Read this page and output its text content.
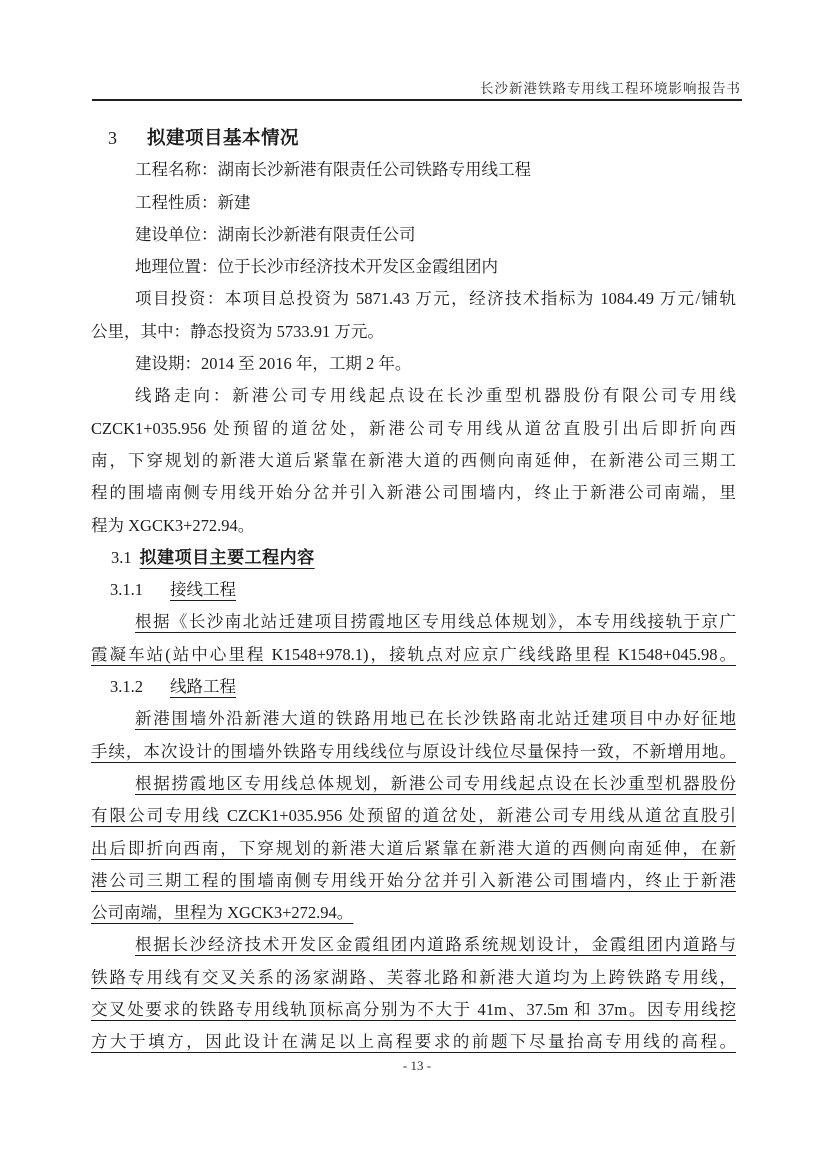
长沙新港铁路专用线工程环境影响报告书
3 拟建项目基本情况
工程名称：湖南长沙新港有限责任公司铁路专用线工程
工程性质：新建
建设单位：湖南长沙新港有限责任公司
地理位置：位于长沙市经济技术开发区金霞组团内
项目投资：本项目总投资为 5871.43 万元，经济技术指标为 1084.49 万元/铺轨
公里，其中：静态投资为 5733.91 万元。
建设期：2014 至 2016 年，工期 2 年。
线路走向：新港公司专用线起点设在长沙重型机器股份有限公司专用线
CZCK1+035.956 处预留的道岔处，新港公司专用线从道岔直股引出后即折向西
南，下穿规划的新港大道后紧靠在新港大道的西侧向南延伸，在新港公司三期工
程的围墙南侧专用线开始分岔并引入新港公司围墙内，终止于新港公司南端，里
程为 XGCK3+272.94。
3.1 拟建项目主要工程内容
3.1.1 接线工程
根据《长沙南北站迁建项目捞霞地区专用线总体规划》，本专用线接轨于京广
霞凝车站(站中心里程 K1548+978.1)，接轨点对应京广线线路里程 K1548+045.98。
3.1.2 线路工程
新港围墙外沿新港大道的铁路用地已在长沙铁路南北站迁建项目中办好征地
手续，本次设计的围墙外铁路专用线线位与原设计线位尽量保持一致，不新增用地。
根据捞霞地区专用线总体规划，新港公司专用线起点设在长沙重型机器股份
有限公司专用线 CZCK1+035.956 处预留的道岔处，新港公司专用线从道岔直股引
出后即折向西南，下穿规划的新港大道后紧靠在新港大道的西侧向南延伸，在新
港公司三期工程的围墙南侧专用线开始分岔并引入新港公司围墙内，终止于新港
公司南端，里程为 XGCK3+272.94。
根据长沙经济技术开发区金霞组团内道路系统规划设计，金霞组团内道路与
铁路专用线有交叉关系的汤家湖路、芙蓉北路和新港大道均为上跨铁路专用线，
交叉处要求的铁路专用线轨顶标高分别为不大于 41m、37.5m 和 37m。因专用线挖
方大于填方，因此设计在满足以上高程要求的前题下尽量抬高专用线的高程。
- 13 -
